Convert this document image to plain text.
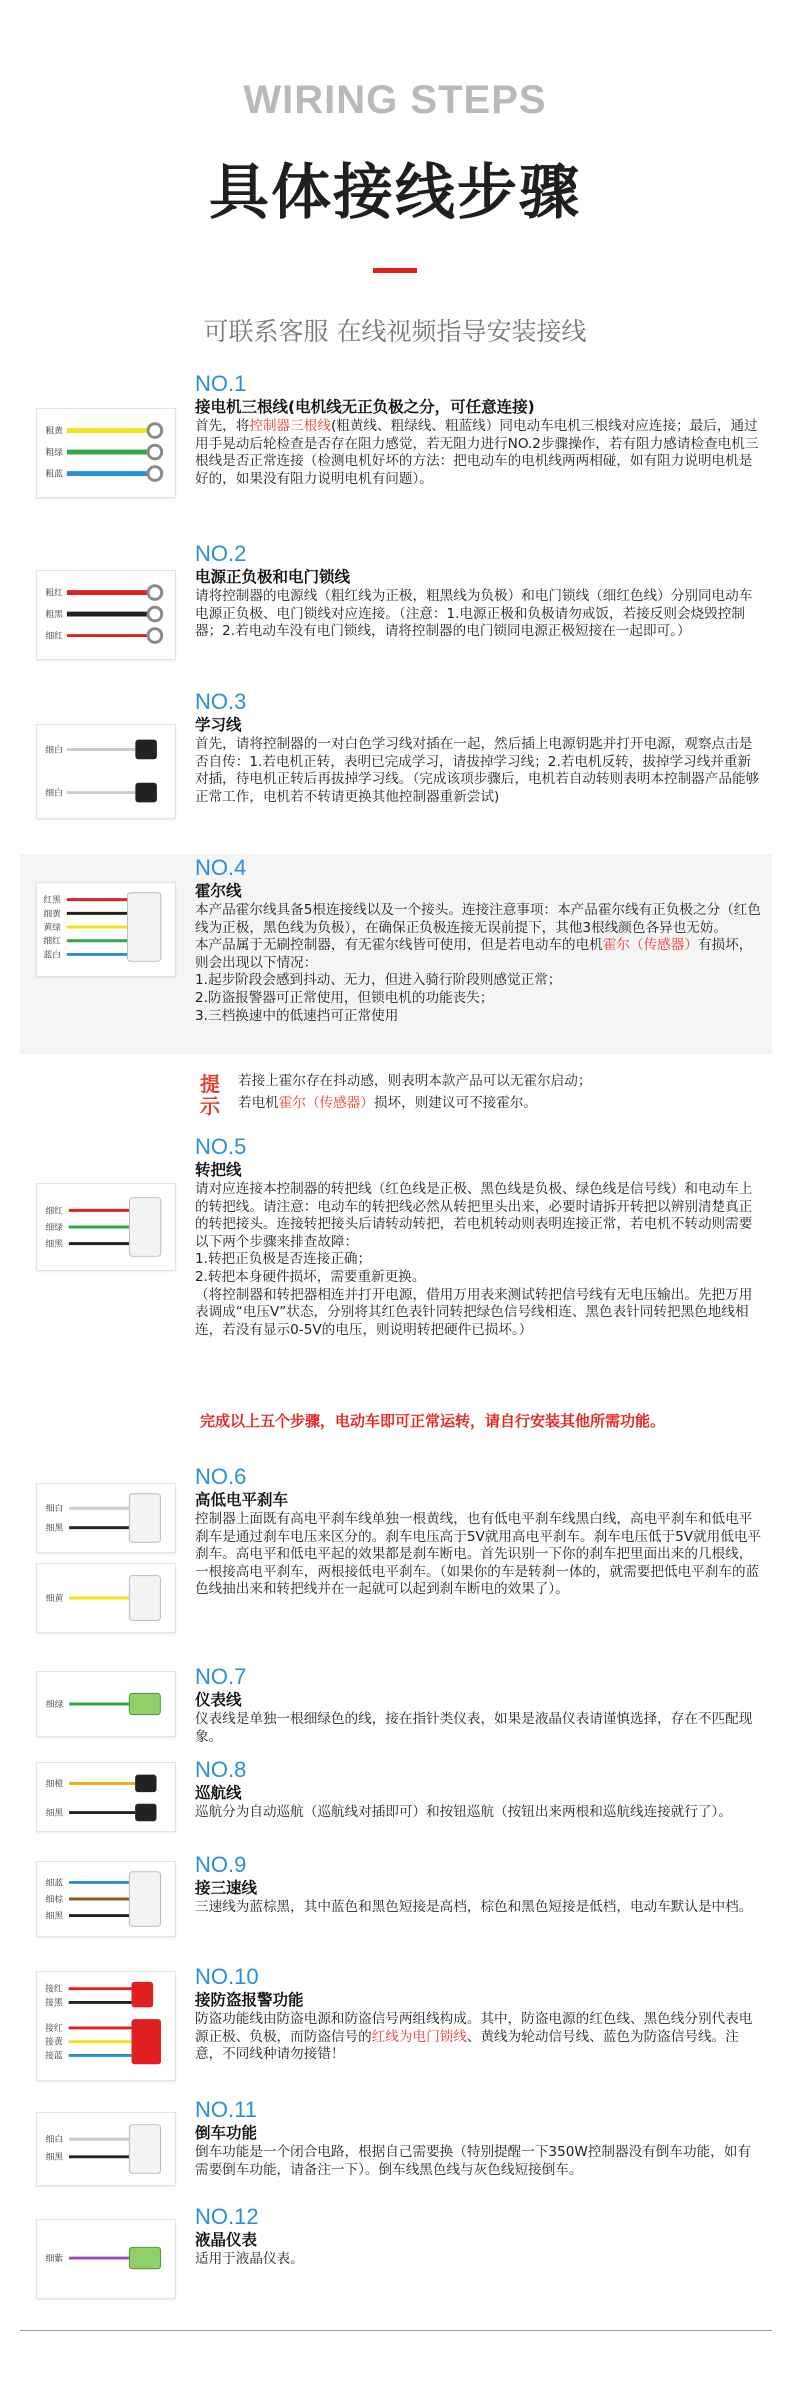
WIRING STEPS
具体接线步骤
可联系客服 在线视频指导安装接线
粗黄
粗绿
粗蓝
NO.1
接电机三根线(电机线无正负极之分，可任意连接)
首先，将控制器三根线(粗黄线、粗绿线、粗蓝线）同电动车电机三根线对应连接；最后，通过用手晃动后轮检查是否存在阻力感觉，若无阻力进行NO.2步骤操作，若有阻力感请检查电机三根线是否正常连接（检测电机好坏的方法：把电动车的电机线两两相碰，如有阻力说明电机是好的，如果没有阻力说明电机有问题）。
粗红
粗黑
细红
NO.2
电源正负极和电门锁线
请将控制器的电源线（粗红线为正极，粗黑线为负极）和电门锁线（细红色线）分别同电动车电源正负极、电门锁线对应连接。（注意：1.电源正极和负极请勿戒饭，若接反则会烧毁控制器；2.若电动车没有电门锁线，请将控制器的电门锁同电源正极短接在一起即可。）
细白
细白
NO.3
学习线
首先，请将控制器的一对白色学习线对插在一起，然后插上电源钥匙并打开电源，观察点击是否自传：1.若电机正转，表明已完成学习，请拔掉学习线；2.若电机反转，拔掉学习线并重新对插，待电机正转后再拔掉学习线。（完成该项步骤后，电机若自动转则表明本控制器产品能够正常工作，电机若不转请更换其他控制器重新尝试)
红黑
细黄
黄绿
细红
蓝白
NO.4
霍尔线
本产品霍尔线具备5根连接线以及一个接头。连接注意事项：本产品霍尔线有正负极之分（红色线为正极，黑色线为负极），在确保正负极连接无误前提下，其他3根线颜色各异也无妨。
本产品属于无刷控制器，有无霍尔线皆可使用，但是若电动车的电机霍尔（传感器）有损坏，则会出现以下情况：
1.起步阶段会感到抖动、无力，但进入骑行阶段则感觉正常；
2.防盗报警器可正常使用，但锁电机的功能丧失；
3.三档换速中的低速挡可正常使用
提
示
若接上霍尔存在抖动感，则表明本款产品可以无霍尔启动；
若电机霍尔（传感器）损坏，则建议可不接霍尔。
细红
细绿
细黑
NO.5
转把线
请对应连接本控制器的转把线（红色线是正极、黑色线是负极、绿色线是信号线）和电动车上的转把线。请注意：电动车的转把线必然从转把里头出来，必要时请拆开转把以辨别清楚真正的转把接头。连接转把接头后请转动转把，若电机转动则表明连接正常，若电机不转动则需要以下两个步骤来排查故障：
1.转把正负极是否连接正确；
2.转把本身硬件损坏，需要重新更换。
（将控制器和转把器相连并打开电源，借用万用表来测试转把信号线有无电压输出。先把万用表调成“电压V”状态，分别将其红色表针同转把绿色信号线相连、黑色表针同转把黑色地线相连，若没有显示0-5V的电压，则说明转把硬件已损坏。）
完成以上五个步骤，电动车即可正常运转，请自行安装其他所需功能。
细白
细黑
细黄
NO.6
高低电平刹车
控制器上面既有高电平刹车线单独一根黄线，也有低电平刹车线黑白线，高电平刹车和低电平刹车是通过刹车电压来区分的。刹车电压高于5V就用高电平刹车。刹车电压低于5V就用低电平刹车。高电平和低电平起的效果都是刹车断电。首先识别一下你的刹车把里面出来的几根线，一根接高电平刹车，两根接低电平刹车。（如果你的车是转刹一体的，就需要把低电平刹车的蓝色线抽出来和转把线并在一起就可以起到刹车断电的效果了）。
细绿
NO.7
仪表线
仪表线是单独一根细绿色的线，接在指针类仪表，如果是液晶仪表请谨慎选择，存在不匹配现象。
细橙
细黑
NO.8
巡航线
巡航分为自动巡航（巡航线对插即可）和按钮巡航（按钮出来两根和巡航线连接就行了）。
细蓝
细棕
细黑
NO.9
接三速线
三速线为蓝棕黑，其中蓝色和黑色短接是高档，棕色和黑色短接是低档，电动车默认是中档。
接红
接黑
接红
接黄
接蓝
NO.10
接防盗报警功能
防盗功能线由防盗电源和防盗信号两组线构成。其中，防盗电源的红色线、黑色线分别代表电源正极、负极，而防盗信号的红线为电门锁线、黄线为轮动信号线、蓝色为防盗信号线。注意，不同线种请勿接错！
细白
细黑
NO.11
倒车功能
倒车功能是一个闭合电路，根据自己需要换（特别提醒一下350W控制器没有倒车功能，如有需要倒车功能，请备注一下）。倒车线黑色线与灰色线短接倒车。
细紫
NO.12
液晶仪表
适用于液晶仪表。
